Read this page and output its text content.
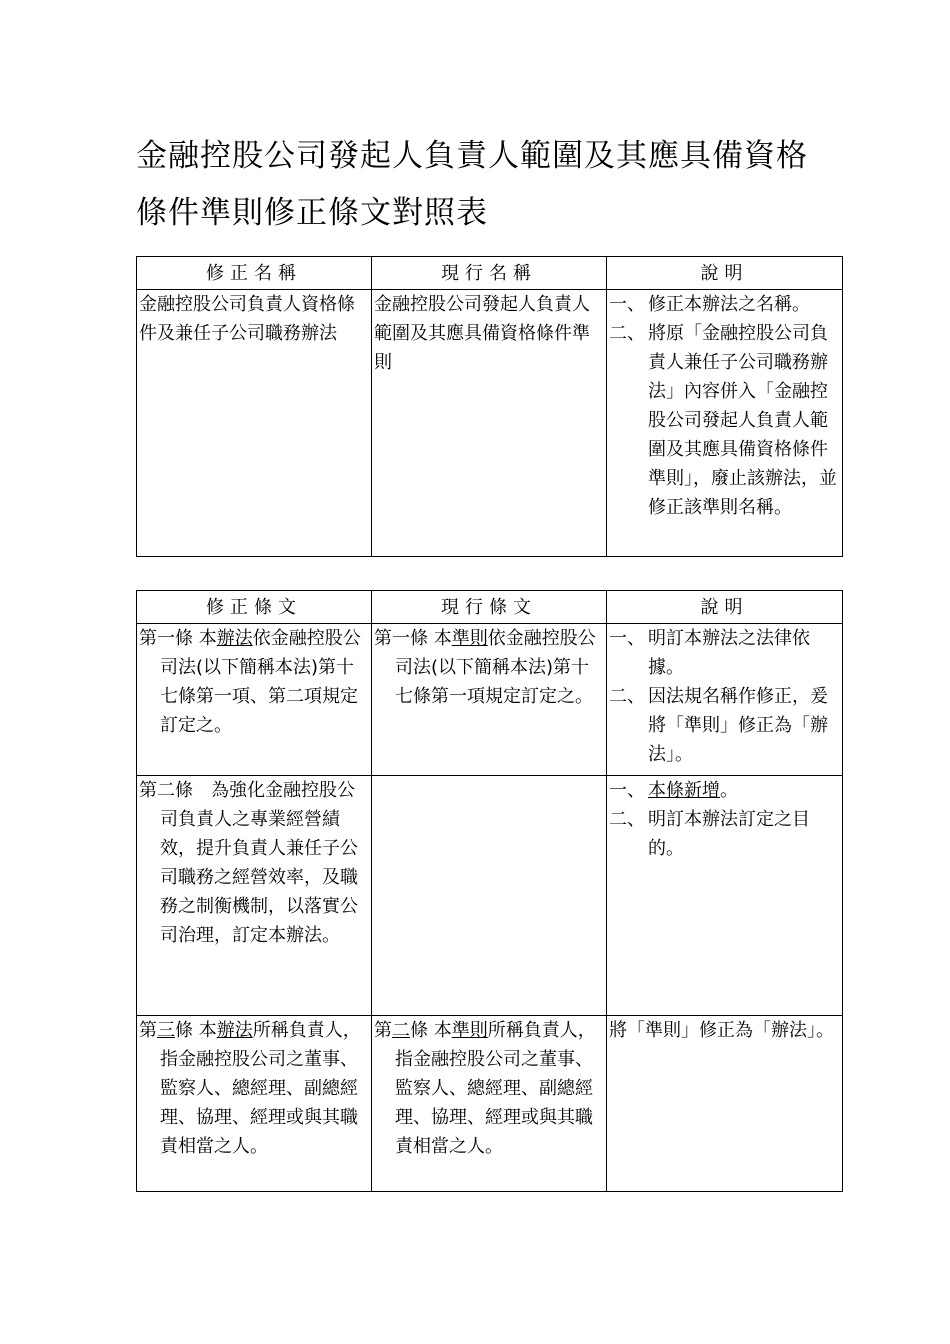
金融控股公司發起人負責人範圍及其應具備資格
條件準則修正條文對照表
修正名稱	現行名稱	說明
金融控股公司負責人資格條件及兼任子公司職務辦法	金融控股公司發起人負責人範圍及其應具備資格條件準則	一、 修正本辦法之名稱。
二、 將原「金融控股公司負責人兼任子公司職務辦法」內容併入「金融控股公司發起人負責人範圍及其應具備資格條件準則」，廢止該辦法，並修正該準則名稱。
修正條文	現行條文	說明

第一條 本辦法依金融控股公司法(以下簡稱本法)第十七條第一項、第二項規定訂定之。	第一條 本準則依金融控股公司法(以下簡稱本法)第十七條第一項規定訂定之。	一、 明訂本辦法之法律依據。
二、 因法規名稱作修正，爰將「準則」修正為「辦法」。

第二條　為強化金融控股公司負責人之專業經營績效，提升負責人兼任子公司職務之經營效率，及職務之制衡機制，以落實公司治理，訂定本辦法。		一、 本條新增。
二、 明訂本辦法訂定之目的。

第三條 本辦法所稱負責人，指金融控股公司之董事、監察人、總經理、副總經理、協理、經理或與其職責相當之人。	第二條 本準則所稱負責人，指金融控股公司之董事、監察人、總經理、副總經理、協理、經理或與其職責相當之人。	將「準則」修正為「辦法」。
